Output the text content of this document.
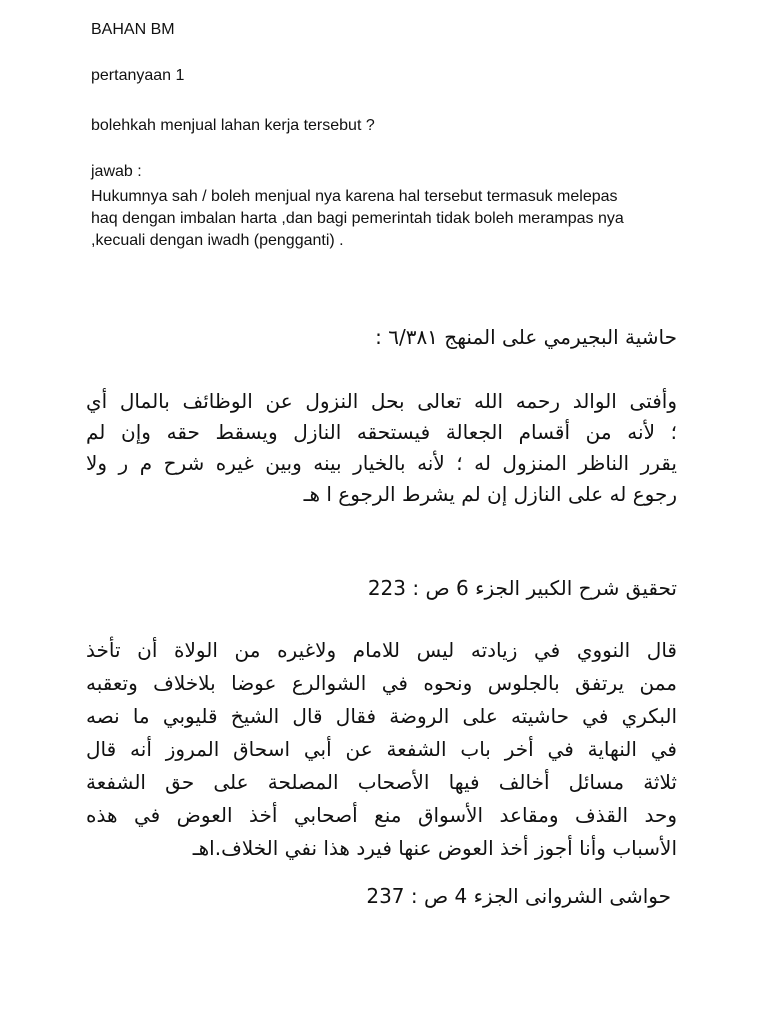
BAHAN BM
pertanyaan 1
bolehkah menjual lahan kerja tersebut ?
jawab :
Hukumnya sah / boleh menjual nya karena hal tersebut termasuk melepas
haq dengan imbalan harta ,dan bagi pemerintah tidak boleh merampas nya
,kecuali dengan iwadh (pengganti) .
حاشية البجيرمي على المنهج ٦/٣٨١ :
وأفتى الوالد رحمه الله تعالى بحل النزول عن الوظائف بالمال أي
؛ لأنه من أقسام الجعالة فيستحقه النازل ويسقط حقه وإن لم
يقرر الناظر المنزول له ؛ لأنه بالخيار بينه وبين غيره شرح م ر ولا
رجوع له على النازل إن لم يشرط الرجوع ا هـ
تحقيق شرح الكبير الجزء 6 ص : 223
قال النووي في زيادته ليس للامام ولاغيره من الولاة أن تأخذ
ممن يرتفق بالجلوس ونحوه في الشوالرع عوضا بلاخلاف وتعقبه
البكري في حاشيته على الروضة فقال قال الشيخ قليوبي ما نصه
في النهاية في أخر باب الشفعة عن أبي اسحاق المروز أنه قال
ثلاثة مسائل أخالف فيها الأصحاب المصلحة على حق الشفعة
وحد القذف ومقاعد الأسواق منع أصحابي أخذ العوض في هذه
الأسباب وأنا أجوز أخذ العوض عنها فيرد هذا نفي الخلاف.اهـ
حواشى الشروانى الجزء 4 ص : 237
